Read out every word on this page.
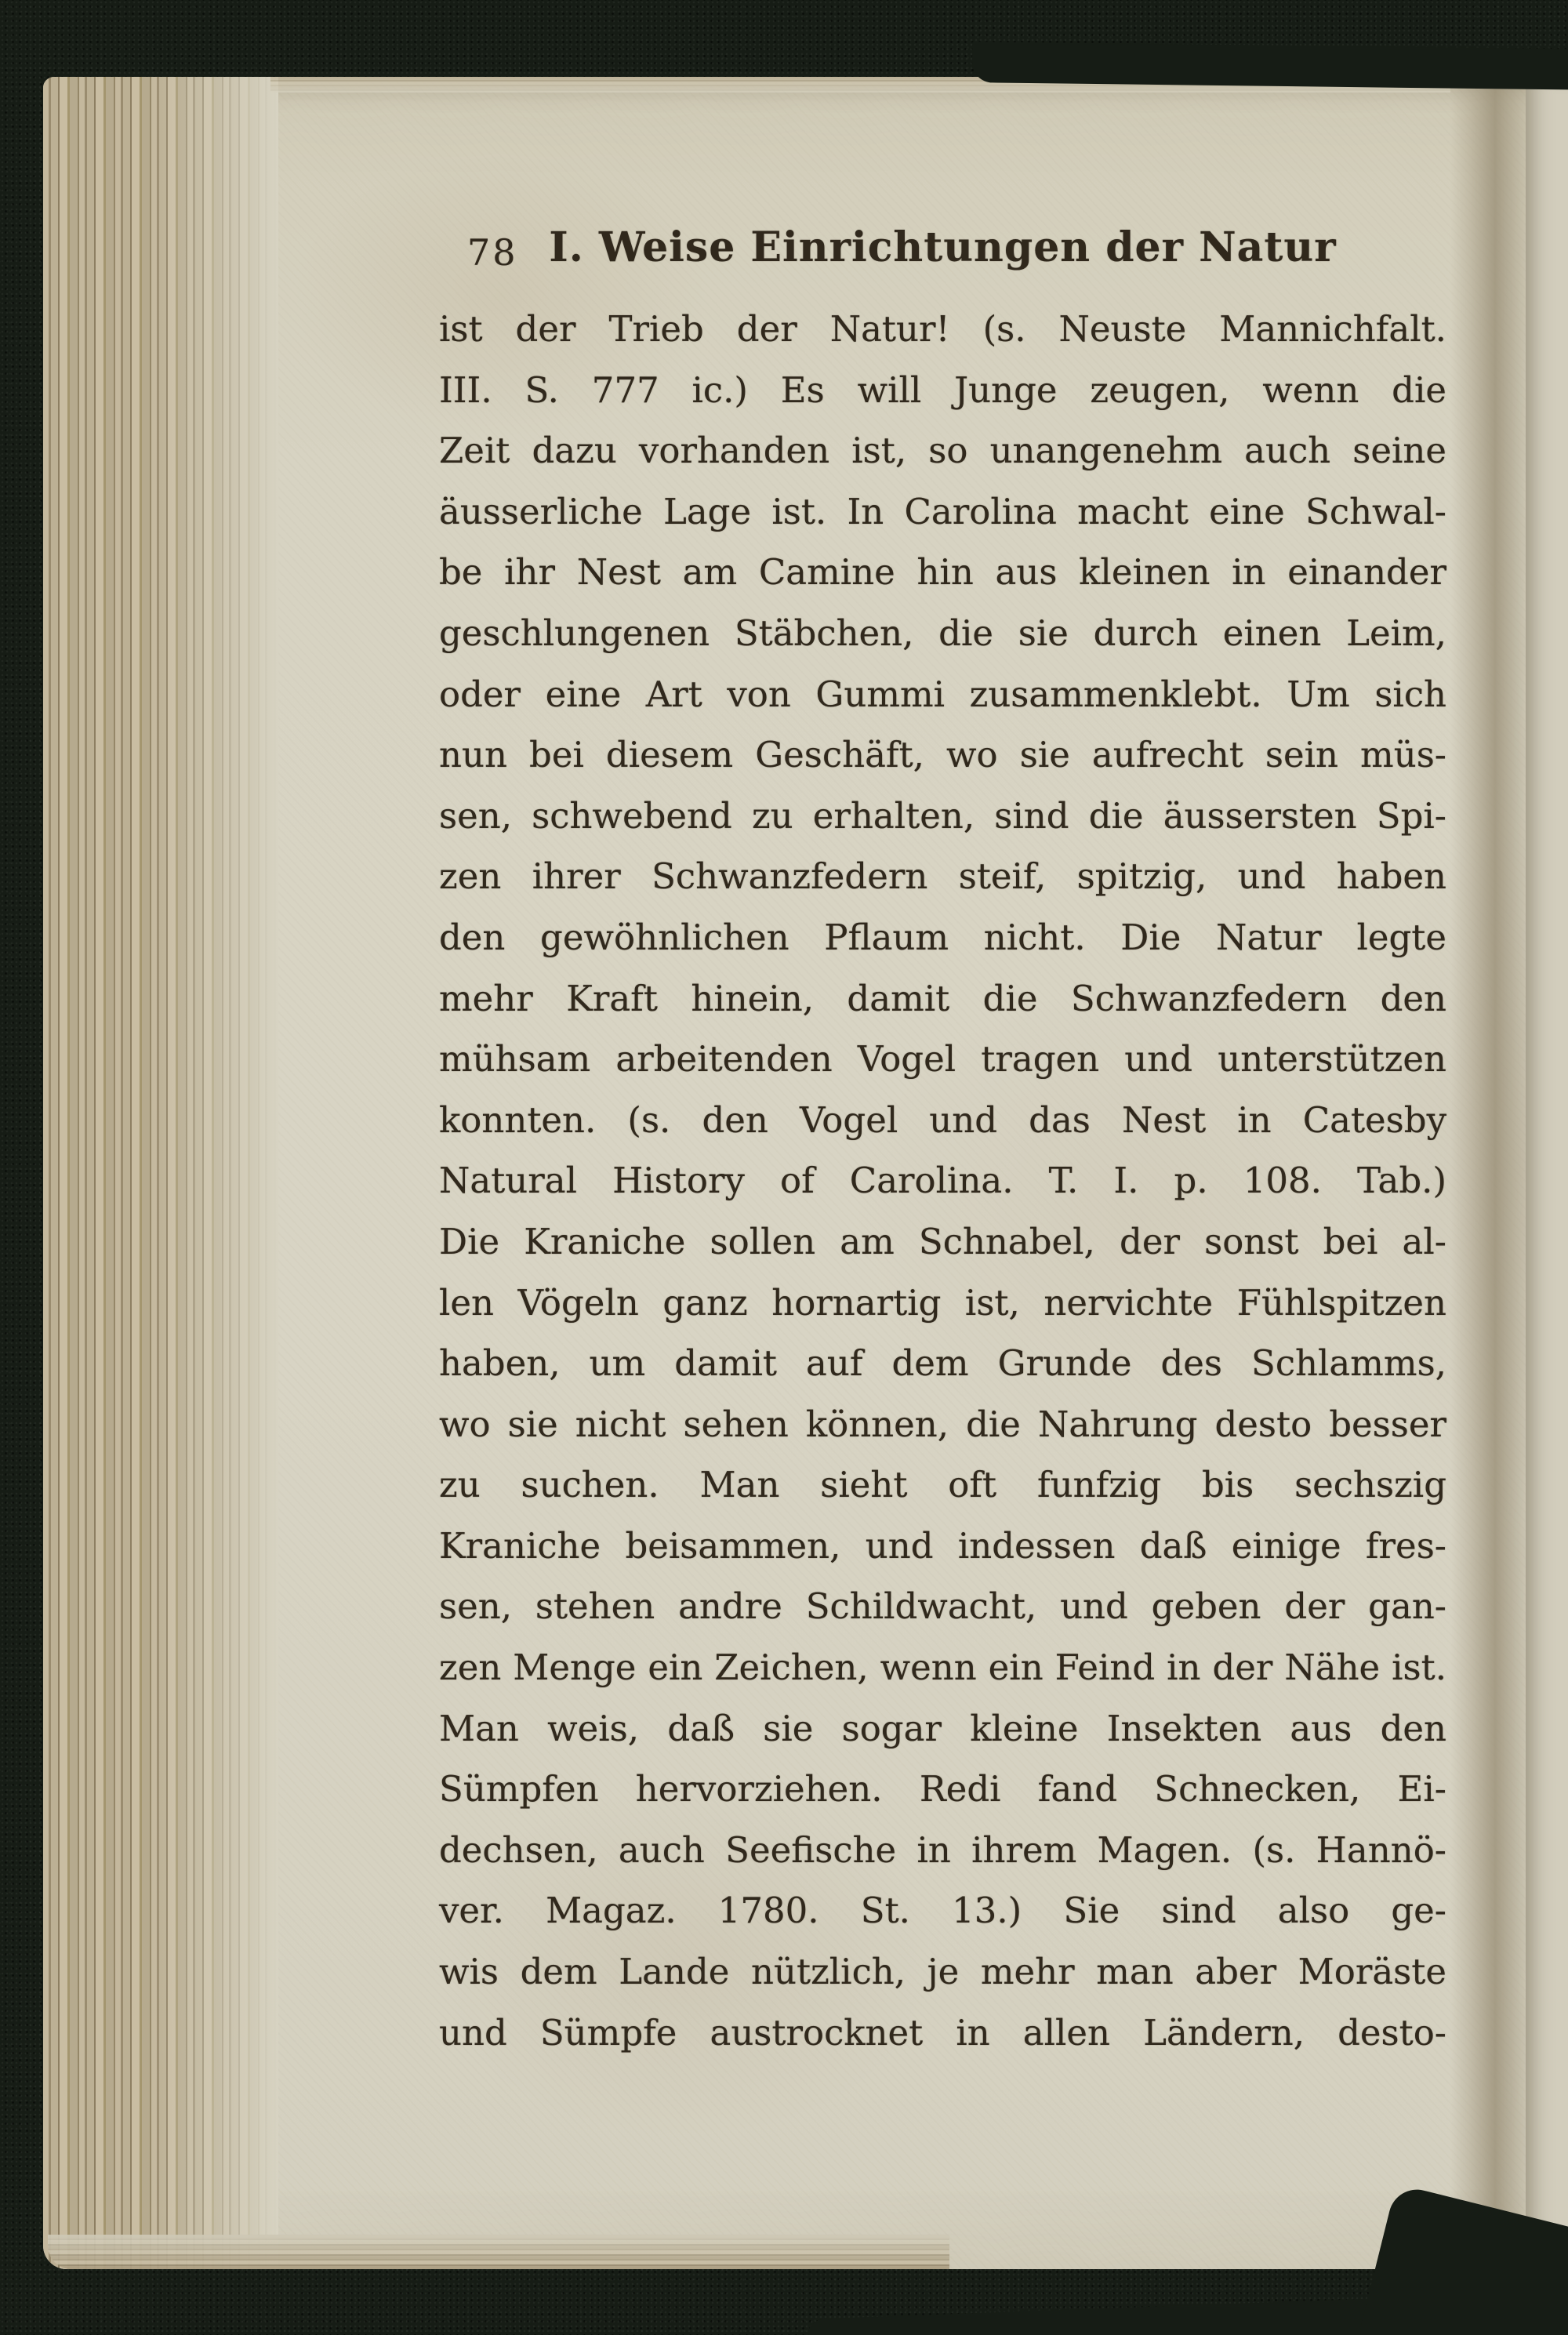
78 I. Weise Einrichtungen der Natur
ist der Trieb der Natur! (s. Neuste Mannichfalt.
III. S. 777 ic.) Es will Junge zeugen, wenn die
Zeit dazu vorhanden ist, so unangenehm auch seine
äusserliche Lage ist. In Carolina macht eine Schwal-
be ihr Nest am Camine hin aus kleinen in einander
geschlungenen Stäbchen, die sie durch einen Leim,
oder eine Art von Gummi zusammenklebt. Um sich
nun bei diesem Geschäft, wo sie aufrecht sein müs-
sen, schwebend zu erhalten, sind die äussersten Spi-
zen ihrer Schwanzfedern steif, spitzig, und haben
den gewöhnlichen Pflaum nicht. Die Natur legte
mehr Kraft hinein, damit die Schwanzfedern den
mühsam arbeitenden Vogel tragen und unterstützen
konnten. (s. den Vogel und das Nest in Catesby
Natural History of Carolina. T. I. p. 108. Tab.)
Die Kraniche sollen am Schnabel, der sonst bei al-
len Vögeln ganz hornartig ist, nervichte Fühlspitzen
haben, um damit auf dem Grunde des Schlamms,
wo sie nicht sehen können, die Nahrung desto besser
zu suchen. Man sieht oft funfzig bis sechszig
Kraniche beisammen, und indessen daß einige fres-
sen, stehen andre Schildwacht, und geben der gan-
zen Menge ein Zeichen, wenn ein Feind in der Nähe ist.
Man weis, daß sie sogar kleine Insekten aus den
Sümpfen hervorziehen. Redi fand Schnecken, Ei-
dechsen, auch Seefische in ihrem Magen. (s. Hannö-
ver. Magaz. 1780. St. 13.) Sie sind also ge-
wis dem Lande nützlich, je mehr man aber Moräste
und Sümpfe austrocknet in allen Ländern, desto-
